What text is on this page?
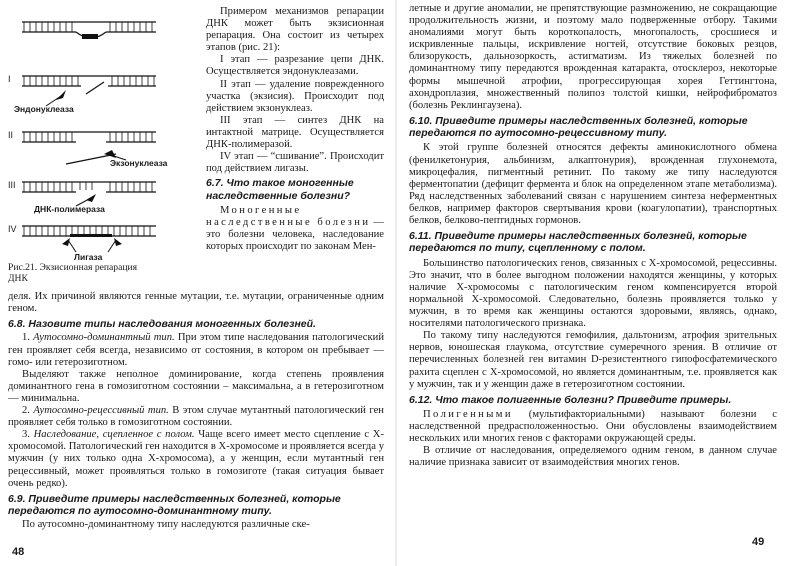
I
II
III
IV
Эндонуклеаза
Экзонуклеаза
ДНК-полимераза
Лигаза

Рис.21. Экзисионная репарация

ДНК

Примером механизмов репарации ДНК может быть экзисионная репарация. Она состоит из четырех этапов (рис. 21):

I этап — разрезание цепи ДНК. Осуществляется эндонуклеазами.

II этап — удаление поврежденного участка (экзисия). Происходит под действием экзонуклеаз.

III этап — синтез ДНК на интактной матрице. Осуществляется ДНК-полимеразой.

IV этап — “сшивание”. Происходит под действием лигазы.

6.7. Что такое моногенные наследственные болезни?

Моногенные наследственные болезни — это болезни человека, наследование которых происходит по законам Мен-

деля. Их причиной являются генные мутации, т.е. мутации, ограниченные одним геном.

6.8. Назовите типы наследования моногенных болезней.

1. Аутосомно-доминантный тип. При этом типе наследования патологический ген проявляет себя всегда, независимо от состояния, в котором он пребывает — гомо- или гетерозиготном.

Выделяют также неполное доминирование, когда степень проявления доминантного гена в гомозиготном состоянии – максимальна, а в гетерозиготном — минимальна.

2. Аутосомно-рецессивный тип. В этом случае мутантный патологический ген проявляет себя только в гомозиготном состоянии.

3. Наследование, сцепленное с полом. Чаще всего имеет место сцепление с X-хромосомой. Патологический ген находится в X-хромосоме и проявляется всегда у мужчин (у них только одна X-хромосома), а у женщин, если мутантный ген рецессивный, может проявляться только в гомозиготе (такая ситуация бывает очень редко).

6.9. Приведите примеры наследственных болезней, которые передаются по аутосомно-доминантному типу.

По аутосомно-доминантному типу наследуются различные ске-

48

летные и другие аномалии, не препятствующие размножению, не сокращающие продолжительность жизни, и поэтому мало подверженные отбору. Такими аномалиями могут быть короткопалость, многопалость, сросшиеся и искривленные пальцы, искривление ногтей, отсутствие боковых резцов, близорукость, дальнозоркость, астигматизм. Из тяжелых болезней по доминантному типу передаются врожденная катаракта, отосклероз, некоторые формы мышечной атрофии, прогрессирующая хорея Геттингтона, ахондроплазия, множественный полипоз толстой кишки, нейрофиброматоз (болезнь Реклингаузена).

6.10. Приведите примеры наследственных болезней, которые передаются по аутосомно-рецессивному типу.

К этой группе болезней относятся дефекты аминокислотного обмена (фенилкетонурия, альбинизм, алкаптонурия), врожденная глухонемота, микроцефалия, пигментный ретинит. По такому же типу наследуются ферментопатии (дефицит фермента и блок на определенном этапе метаболизма). Ряд наследственных заболеваний связан с нарушением синтеза неферментных белков, например факторов свертывания крови (коагулопатии), транспортных белков, белково-пептидных гормонов.

6.11. Приведите примеры наследственных болезней, которые передаются по типу, сцепленному с полом.

Большинство патологических генов, связанных с X-хромосомой, рецессивны. Это значит, что в более выгодном положении находятся женщины, у которых наличие X-хромосомы с патологическим геном компенсируется второй нормальной X-хромосомой. Следовательно, болезнь проявляется только у мужчин, в то время как женщины остаются здоровыми, являясь, однако, носителями патологического признака.

По такому типу наследуются гемофилия, дальтонизм, атрофия зрительных нервов, юношеская глаукома, отсутствие сумеречного зрения. В отличие от перечисленных болезней ген витамин D-резистентного гипофосфатемического рахита сцеплен с X-хромосомой, но является доминантным, т.е. проявляется как у мужчин, так и у женщин даже в гетерозиготном состоянии.

6.12. Что такое полигенные болезни? Приведите примеры.

Полигенными (мультифакториальными) называют болезни с наследственной предрасположенностью. Они обусловлены взаимодействием нескольких или многих генов с факторами окружающей среды.

В отличие от наследования, определяемого одним геном, в данном случае наличие признака зависит от взаимодействия многих генов.

49
